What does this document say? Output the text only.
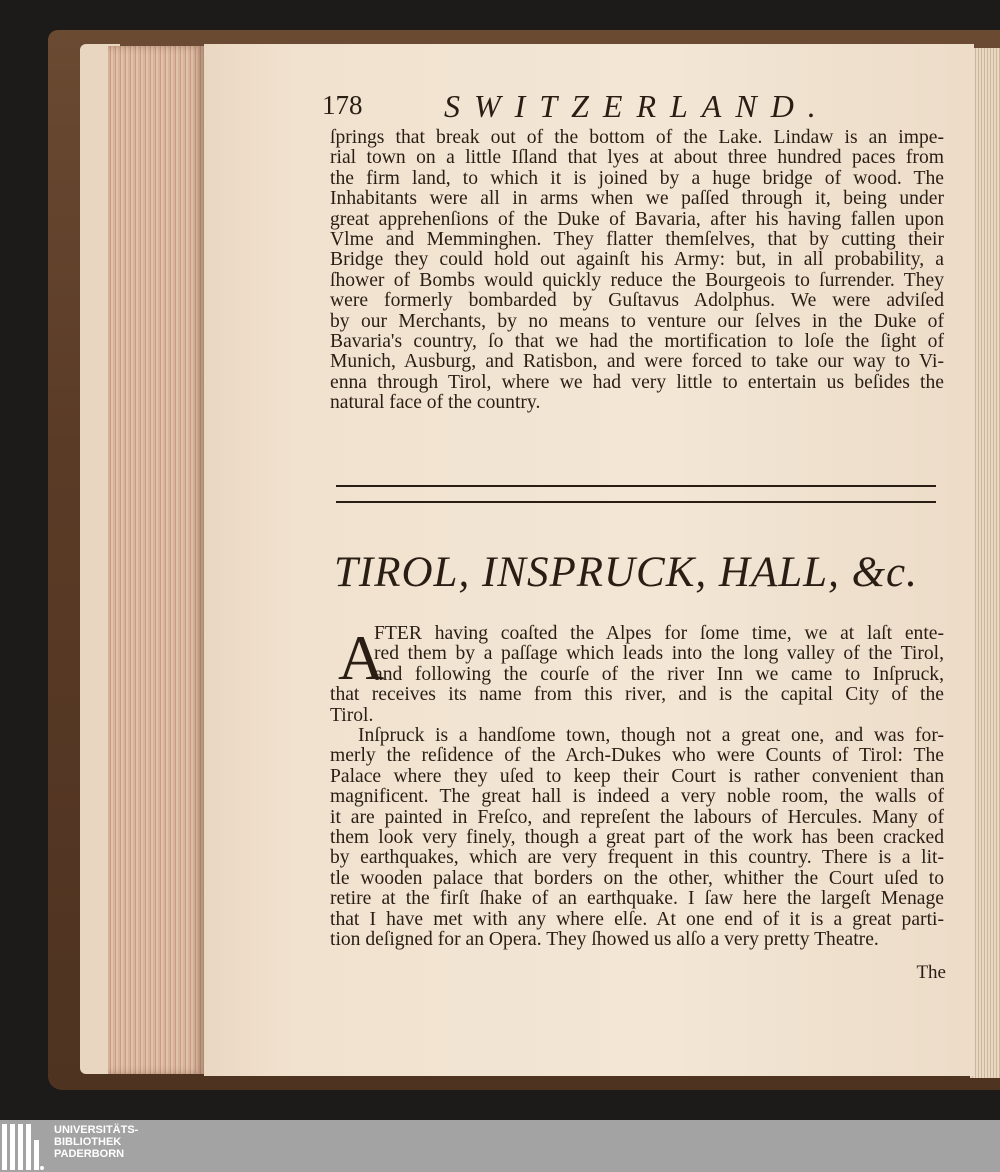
178	SWITZERLAND.
ſprings that break out of the bottom of the Lake. Lindaw is an impe-
rial town on a little Iſland that lyes at about three hundred paces from
the firm land, to which it is joined by a huge bridge of wood. The
Inhabitants were all in arms when we paſſed through it, being under
great apprehenſions of the Duke of Bavaria, after his having fallen upon
Vlme and Memminghen. They flatter themſelves, that by cutting their
Bridge they could hold out againſt his Army: but, in all probability, a
ſhower of Bombs would quickly reduce the Bourgeois to ſurrender. They
were formerly bombarded by Guſtavus Adolphus. We were adviſed
by our Merchants, by no means to venture our ſelves in the Duke of
Bavaria's country, ſo that we had the mortification to loſe the ſight of
Munich, Ausburg, and Ratisbon, and were forced to take our way to Vi-
enna through Tirol, where we had very little to entertain us beſides the
natural face of the country.
TIROL, INSPRUCK, HALL, &c.
A
FTER having coaſted the Alpes for ſome time, we at laſt ente-
red them by a paſſage which leads into the long valley of the Tirol,
and following the courſe of the river Inn we came to Inſpruck,
that receives its name from this river, and is the capital City of the
Tirol.
Inſpruck is a handſome town, though not a great one, and was for-
merly the reſidence of the Arch-Dukes who were Counts of Tirol: The
Palace where they uſed to keep their Court is rather convenient than
magnificent. The great hall is indeed a very noble room, the walls of
it are painted in Freſco, and repreſent the labours of Hercules. Many of
them look very finely, though a great part of the work has been cracked
by earthquakes, which are very frequent in this country. There is a lit-
tle wooden palace that borders on the other, whither the Court uſed to
retire at the firſt ſhake of an earthquake. I ſaw here the largeſt Menage
that I have met with any where elſe. At one end of it is a great parti-
tion deſigned for an Opera. They ſhowed us alſo a very pretty Theatre.
The
UNIVERSITÄTS-
BIBLIOTHEK
PADERBORN
